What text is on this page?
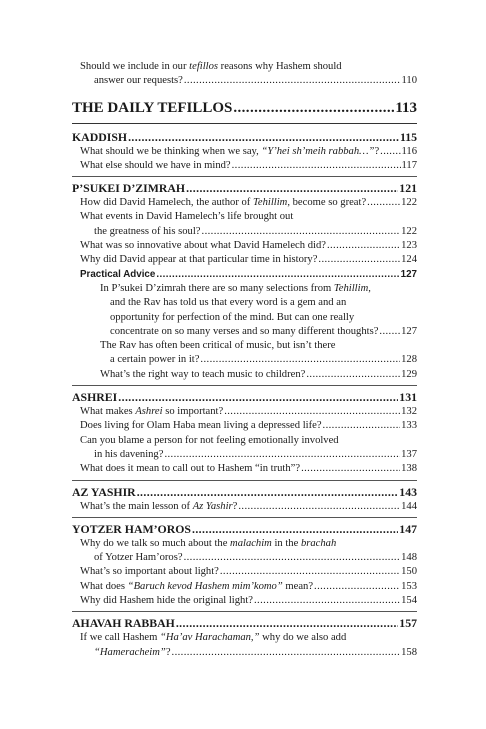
Should we include in our tefillos reasons why Hashem should
answer our requests? .....	110
THE DAILY TEFILLOS .....	113
KADDISH .....	115
What should we be thinking when we say, “Y’hei sh’meih rabbah…”? ..... 116
What else should we have in mind? .....	117
P’SUKEI D’ZIMRAH .....	121
How did David Hamelech, the author of Tehillim, become so great? .....	122
What events in David Hamelech’s life brought out
the greatness of his soul? .....	122
What was so innovative about what David Hamelech did? .....	123
Why did David appear at that particular time in history? .....	124
Practical Advice .....	127
In P’sukei D’zimrah there are so many selections from Tehillim,
and the Rav has told us that every word is a gem and an
opportunity for perfection of the mind. But can one really
concentrate on so many verses and so many different thoughts? ..... 127
The Rav has often been critical of music, but isn’t there
a certain power in it? .....	128
What’s the right way to teach music to children? .....	129
ASHREI .....	131
What makes Ashrei so important? .....	132
Does living for Olam Haba mean living a depressed life? .....	133
Can you blame a person for not feeling emotionally involved
in his davening? .....	137
What does it mean to call out to Hashem “in truth”? .....	138
AZ YASHIR .....	143
What’s the main lesson of Az Yashir? .....	144
YOTZER HAM’OROS .....	147
Why do we talk so much about the malachim in the brachah
of Yotzer Ham’oros? .....	148
What’s so important about light? .....	150
What does “Baruch kevod Hashem mim’komo” mean? .....	153
Why did Hashem hide the original light? .....	154
AHAVAH RABBAH .....	157
If we call Hashem “Ha’av Harachaman,” why do we also add
“Hameracheim”? .....	158
